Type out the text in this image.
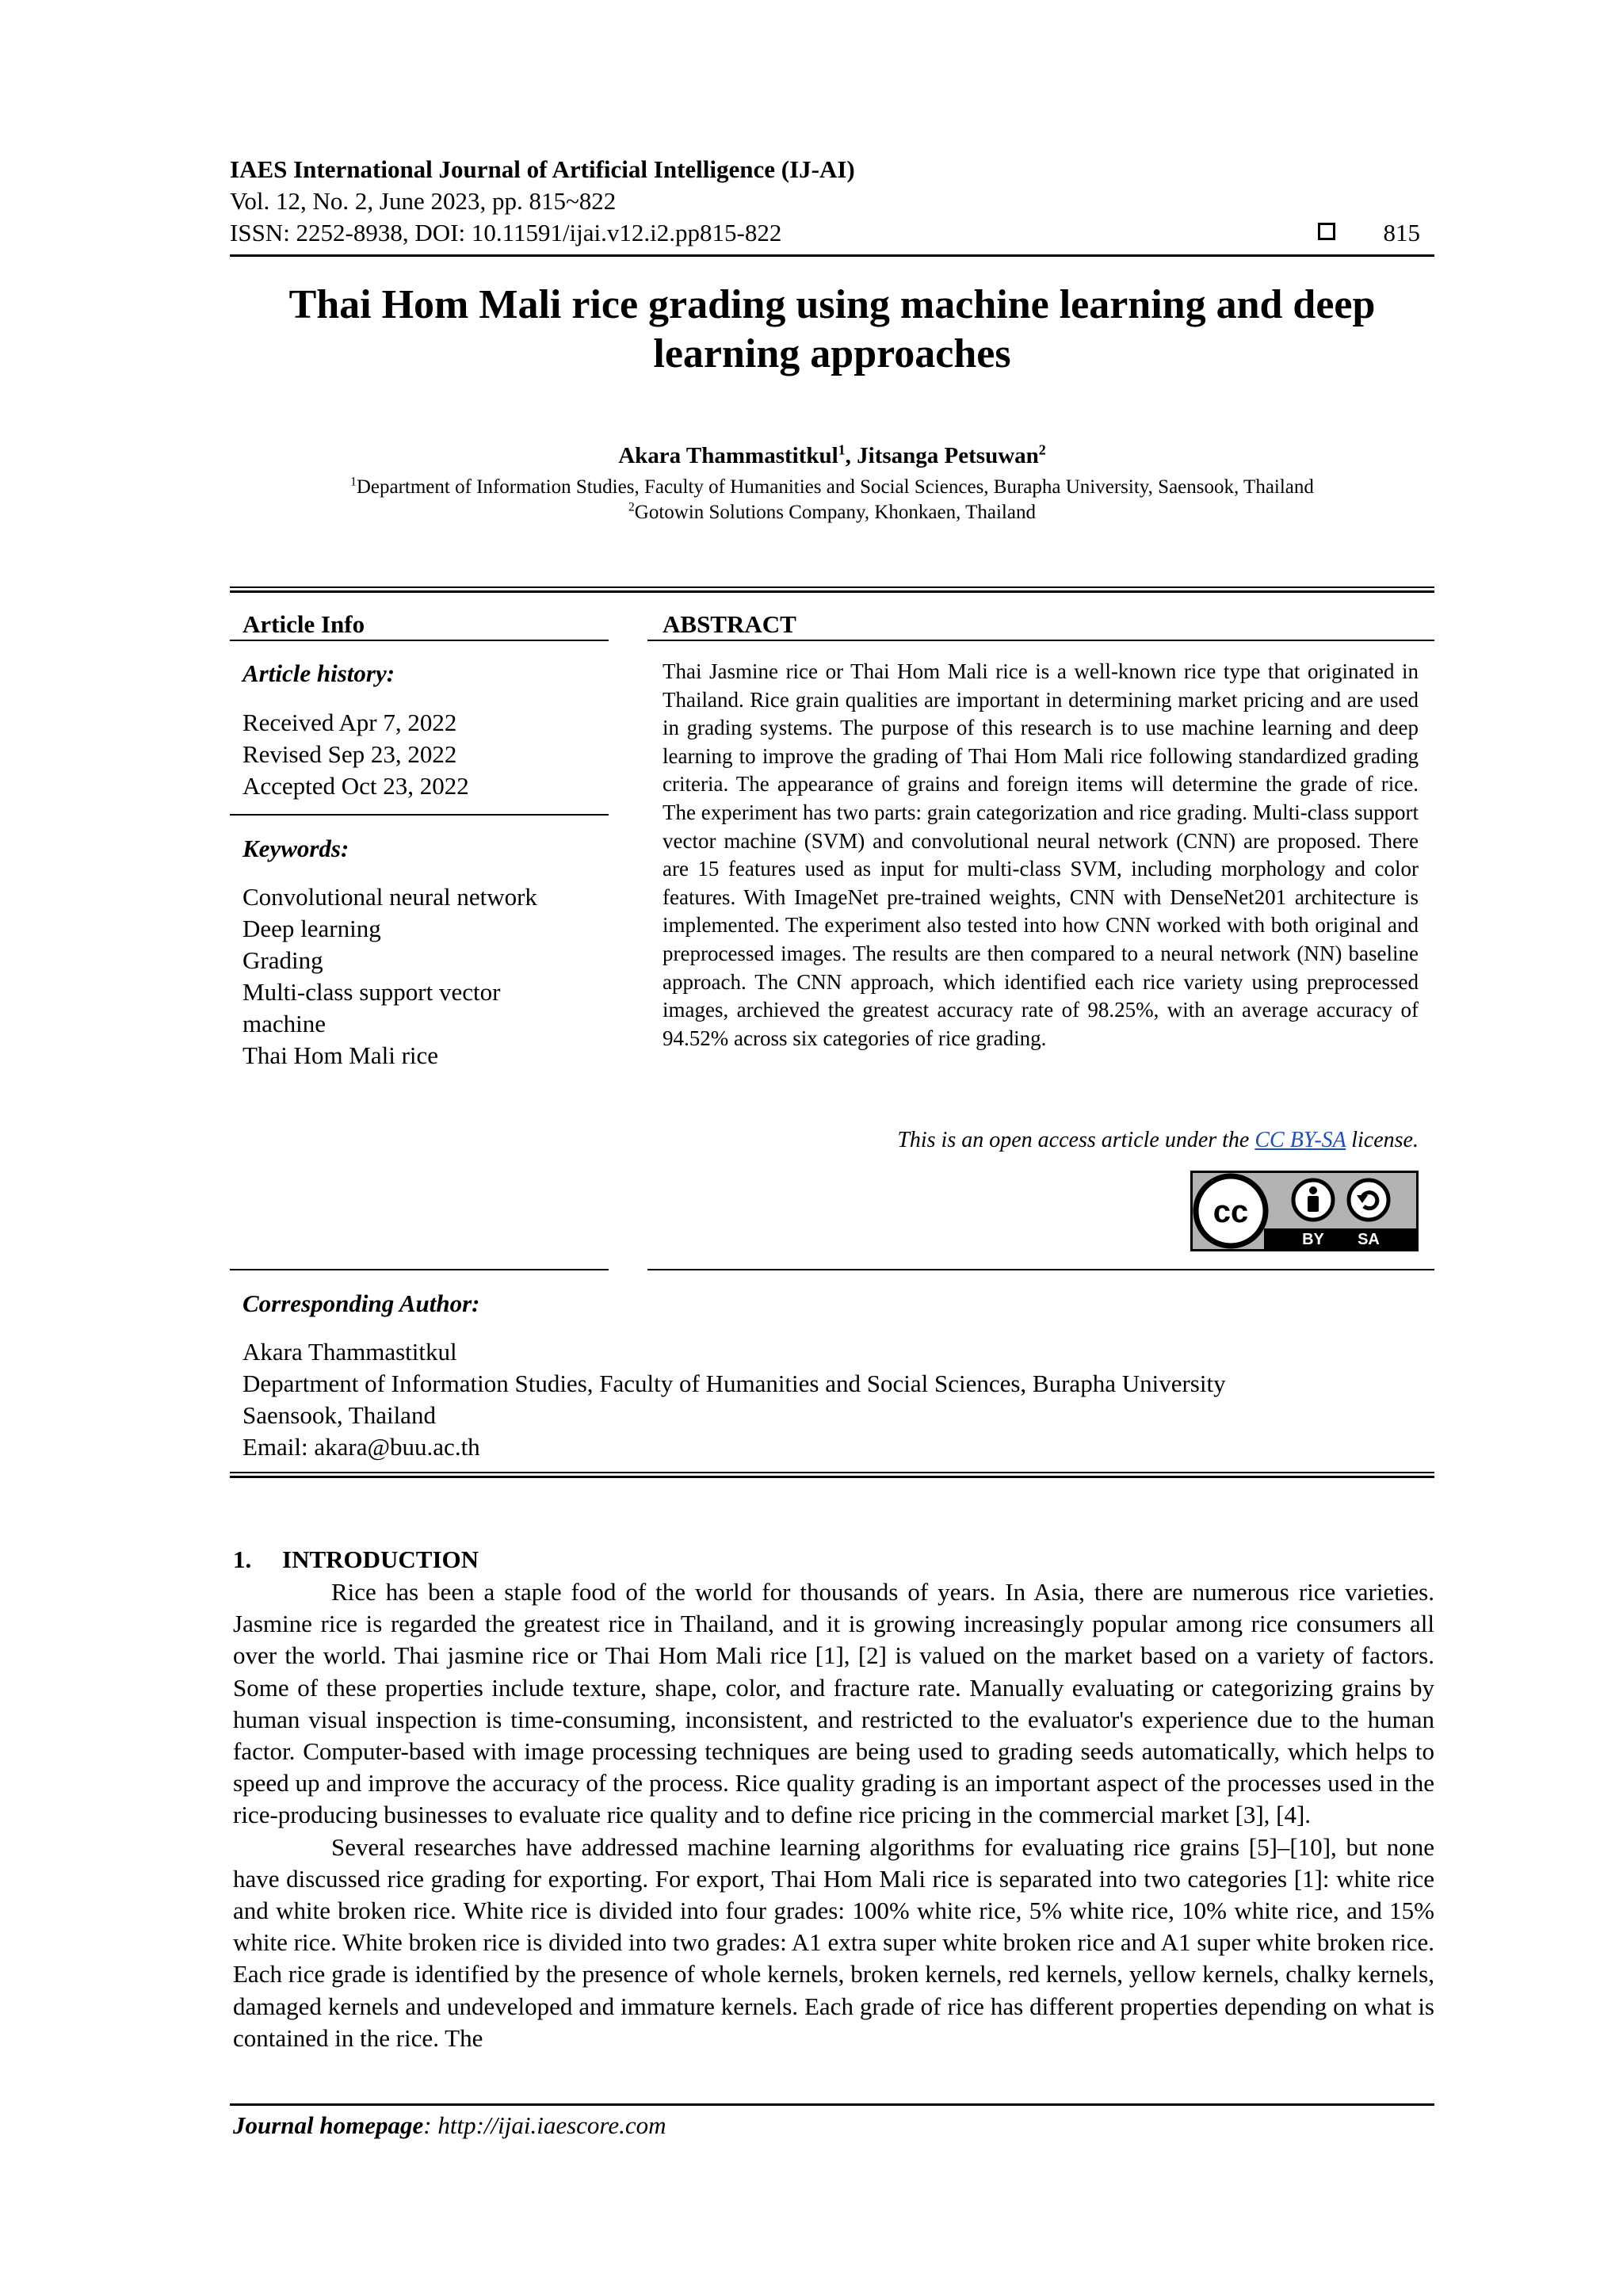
IAES International Journal of Artificial Intelligence (IJ-AI)
Vol. 12, No. 2, June 2023, pp. 815~822
ISSN: 2252-8938, DOI: 10.11591/ijai.v12.i2.pp815-822	815
Thai Hom Mali rice grading using machine learning and deep
learning approaches
Akara Thammastitkul$^1$, Jitsanga Petsuwan$^2$
$^1$Department of Information Studies, Faculty of Humanities and Social Sciences, Burapha University, Saensook, Thailand
$^2$Gotowin Solutions Company, Khonkaen, Thailand
Article Info
Article history:
Received Apr 7, 2022
Revised Sep 23, 2022
Accepted Oct 23, 2022
Keywords:
Convolutional neural network
Deep learning
Grading
Multi-class support vector
machine
Thai Hom Mali rice
ABSTRACT

Thai Jasmine rice or Thai Hom Mali rice is a well-known rice type that originated in Thailand. Rice grain qualities are important in determining market pricing and are used in grading systems. The purpose of this research is to use machine learning and deep learning to improve the grading of Thai Hom Mali rice following standardized grading criteria. The appearance of grains and foreign items will determine the grade of rice. The experiment has two parts: grain categorization and rice grading. Multi-class support vector machine (SVM) and convolutional neural network (CNN) are proposed. There are 15 features used as input for multi-class SVM, including morphology and color features. With ImageNet pre-trained weights, CNN with DenseNet201 architecture is implemented. The experiment also tested into how CNN worked with both original and preprocessed images. The results are then compared to a neural network (NN) baseline approach. The CNN approach, which identified each rice variety using preprocessed images, archieved the greatest accuracy rate of 98.25%, with an average accuracy of 94.52% across six categories of rice grading.

This is an open access article under the CC BY-SA license.
cc
BY SA
Corresponding Author:
Akara Thammastitkul
Department of Information Studies, Faculty of Humanities and Social Sciences, Burapha University
Saensook, Thailand
Email: akara@buu.ac.th
1.     INTRODUCTION

Rice has been a staple food of the world for thousands of years. In Asia, there are numerous rice varieties. Jasmine rice is regarded the greatest rice in Thailand, and it is growing increasingly popular among rice consumers all over the world. Thai jasmine rice or Thai Hom Mali rice [1], [2] is valued on the market based on a variety of factors. Some of these properties include texture, shape, color, and fracture rate. Manually evaluating or categorizing grains by human visual inspection is time-consuming, inconsistent, and restricted to the evaluator's experience due to the human factor. Computer-based with image processing techniques are being used to grading seeds automatically, which helps to speed up and improve the accuracy of the process. Rice quality grading is an important aspect of the processes used in the rice-producing businesses to evaluate rice quality and to define rice pricing in the commercial market [3], [4].

Several researches have addressed machine learning algorithms for evaluating rice grains [5]–[10], but none have discussed rice grading for exporting. For export, Thai Hom Mali rice is separated into two categories [1]: white rice and white broken rice. White rice is divided into four grades: 100% white rice, 5% white rice, 10% white rice, and 15% white rice. White broken rice is divided into two grades: A1 extra super white broken rice and A1 super white broken rice. Each rice grade is identified by the presence of whole kernels, broken kernels, red kernels, yellow kernels, chalky kernels, damaged kernels and undeveloped and immature kernels. Each grade of rice has different properties depending on what is contained in the rice. The

Journal homepage: http://ijai.iaescore.com
